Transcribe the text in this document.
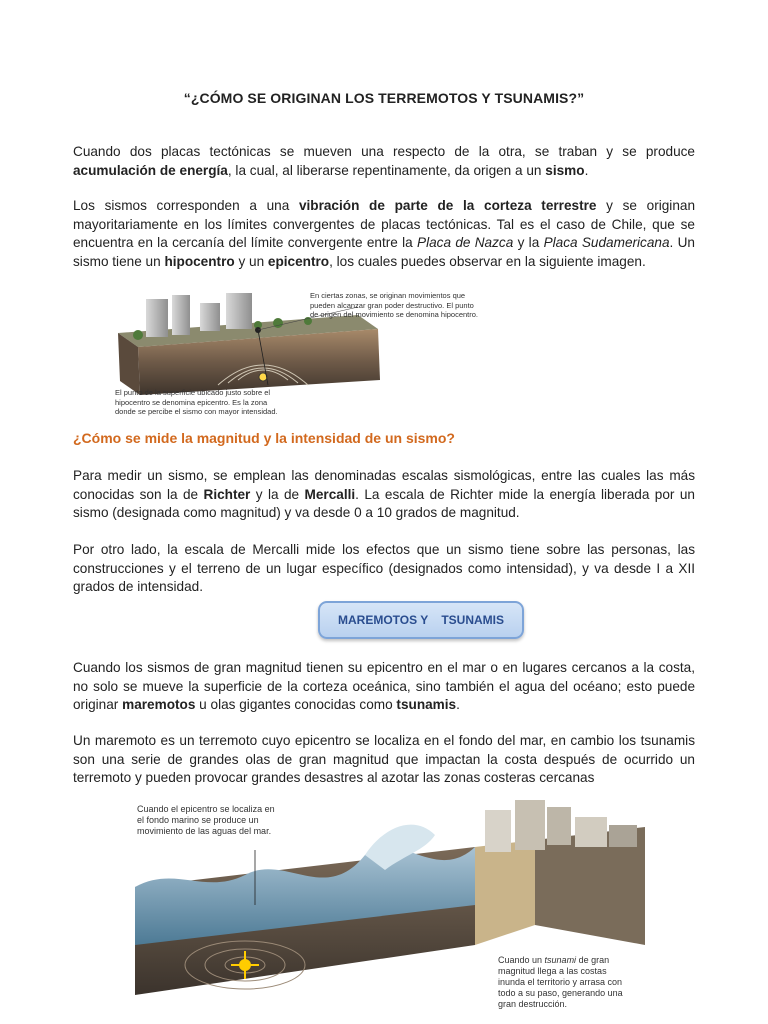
“¿CÓMO SE ORIGINAN LOS TERREMOTOS Y TSUNAMIS?”

Cuando dos placas tectónicas se mueven una respecto de la otra, se traban y se produce acumulación de energía, la cual, al liberarse repentinamente, da origen a un sismo.

Los sismos corresponden a una vibración de parte de la corteza terrestre y se originan mayoritariamente en los límites convergentes de placas tectónicas. Tal es el caso de Chile, que se encuentra en la cercanía del límite convergente entre la Placa de Nazca y la Placa Sudamericana. Un sismo tiene un hipocentro y un epicentro, los cuales puedes observar en la siguiente imagen.

En ciertas zonas, se originan movimientos que pueden alcanzar gran poder destructivo. El punto de origen del movimiento se denomina hipocentro.
El punto de la superficie ubicado justo sobre el hipocentro se denomina epicentro. Es la zona donde se percibe el sismo con mayor intensidad.
¿Cómo se mide la magnitud y la intensidad de un sismo?

Para medir un sismo, se emplean las denominadas escalas sismológicas, entre las cuales las más conocidas son la de Richter y la de Mercalli. La escala de Richter mide la energía liberada por un sismo (designada como magnitud) y va desde 0 a 10 grados de magnitud.

Por otro lado, la escala de Mercalli mide los efectos que un sismo tiene sobre las personas, las construcciones y el terreno de un lugar específico (designados como intensidad), y va desde I a XII grados de intensidad.

MAREMOTOS Y    TSUNAMIS

Cuando los sismos de gran magnitud tienen su epicentro en el mar o en lugares cercanos a la costa, no solo se mueve la superficie de la corteza oceánica, sino también el agua del océano; esto puede originar maremotos u olas gigantes conocidas como tsunamis.

Un maremoto es un terremoto cuyo epicentro se localiza en el fondo del mar, en cambio los tsunamis son una serie de grandes olas de gran magnitud que impactan la costa después de ocurrido un terremoto y pueden provocar grandes desastres al azotar las zonas costeras cercanas

Cuando el epicentro se localiza en el fondo marino se produce un movimiento de las aguas del mar.
Cuando un tsunami de gran magnitud llega a las costas inunda el territorio y arrasa con todo a su paso, generando una gran destrucción.
